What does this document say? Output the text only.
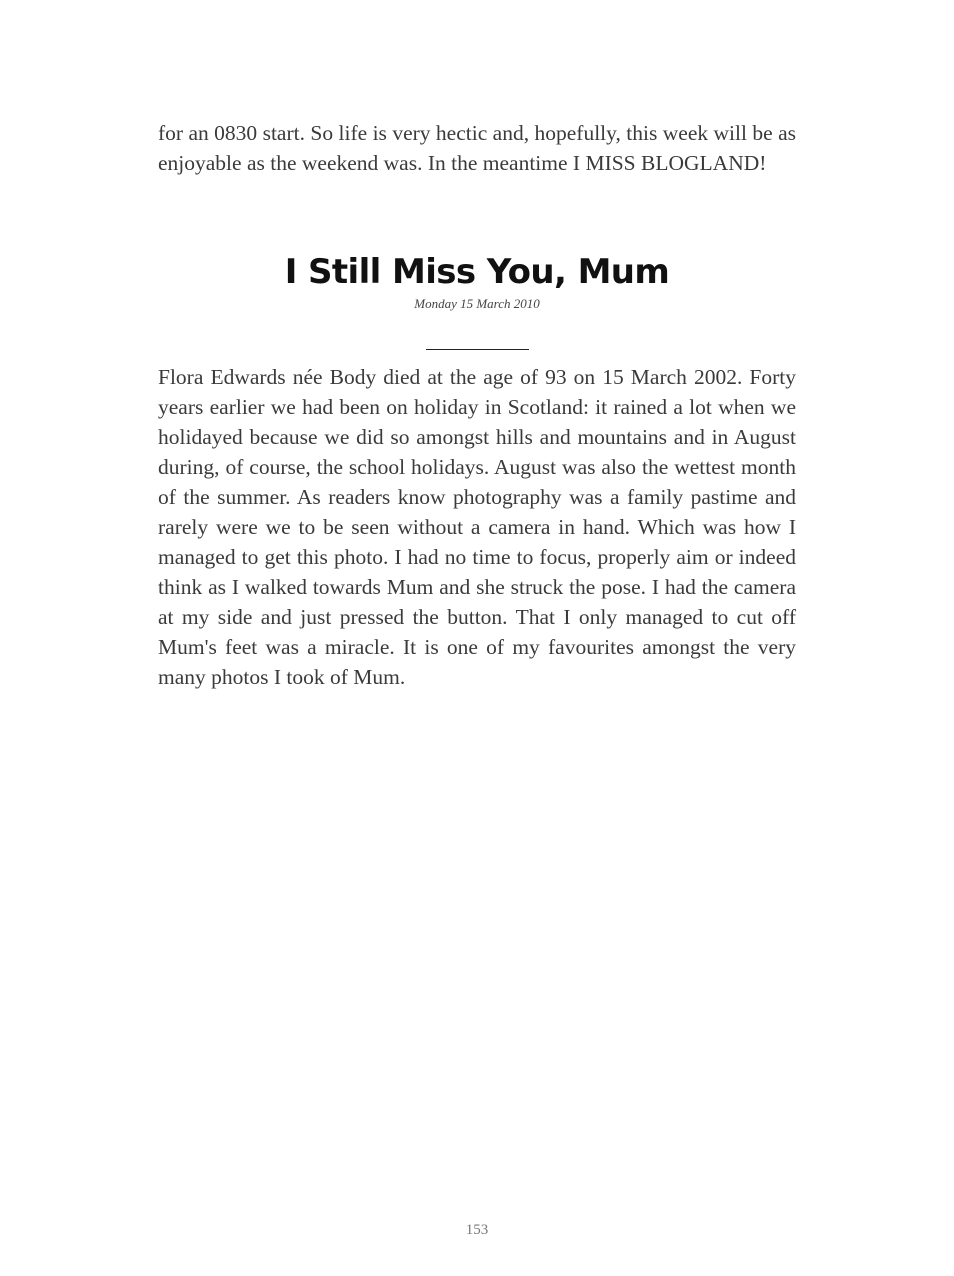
for an 0830 start. So life is very hectic and, hopefully, this week will be as enjoyable as the weekend was. In the meantime I MISS BLOGLAND!

I Still Miss You, Mum
Monday 15 March 2010

Flora Edwards née Body died at the age of 93 on 15 March 2002. Forty years earlier we had been on holiday in Scotland: it rained a lot when we holidayed because we did so amongst hills and mountains and in August during, of course, the school holidays. August was also the wettest month of the summer. As readers know photography was a family pastime and rarely were we to be seen without a camera in hand. Which was how I managed to get this photo. I had no time to focus, properly aim or indeed think as I walked towards Mum and she struck the pose. I had the camera at my side and just pressed the button. That I only managed to cut off Mum's feet was a miracle. It is one of my favourites amongst the very many photos I took of Mum.

153
